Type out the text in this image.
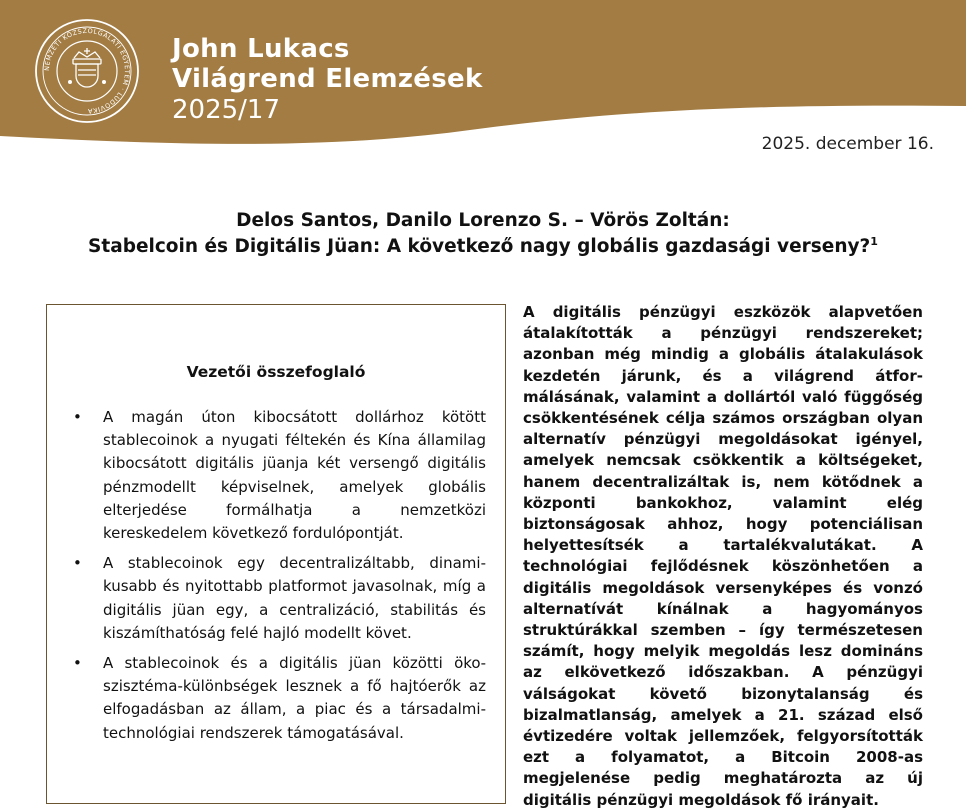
NEMZETI KÖZSZOLGÁLATI EGYETEM · LUDOVIKA
John Lukacs
Világrend Elemzések
2025/17
2025. december 16.
Delos Santos, Danilo Lorenzo S. – Vörös Zoltán:
Stabelcoin és Digitális Jüan: A következő nagy globális gazdasági verseny?$^1$
Vezetői összefoglaló
• A magán úton kibocsátott dollárhoz kötött stablecoinok a nyugati féltekén és Kína államilag kibocsátott digitális jüanja két versengő digitális pénzmodellt képviselnek, amelyek globális elterjedése formálhatja a nemzetközi kereskedelem következő fordulópontját.
• A stablecoinok egy decentralizáltabb, dinamikusabb és nyitottabb platformot javasolnak, míg a digitális jüan egy, a centralizáció, stabilitás és kiszámíthatóság felé hajló modellt követ.
• A stablecoinok és a digitális jüan közötti ökoszisztéma-különbségek lesznek a fő hajtóerők az elfogadásban az állam, a piac és a társadalmi-technológiai rendszerek támogatásával.

A digitális pénzügyi eszközök alapvetően átalakították a pénzügyi rendszereket; azonban még mindig a globális átalakulások kezdetén járunk, és a világrend átformálásának, valamint a dollártól való függőség csökkentésének célja számos országban olyan alternatív pénzügyi megoldásokat igényel, amelyek nemcsak csökkentik a költségeket, hanem decentralizáltak is, nem kötődnek a központi bankokhoz, valamint elég biztonságosak ahhoz, hogy potenciálisan helyettesítsék a tartalékvalutákat. A technológiai fejlődésnek köszönhetően a digitális megoldások versenyképes és vonzó alternatívát kínálnak a hagyományos struktúrákkal szemben – így természetesen számít, hogy melyik megoldás lesz domináns az elkövetkező időszakban. A pénzügyi válságokat követő bizonytalanság és bizalmatlanság, amelyek a 21. század első évtizedére voltak jellemzőek, felgyorsították ezt a folyamatot, a Bitcoin 2008-as megjelenése pedig meghatározta az új digitális pénzügyi megoldások fő irányait.
